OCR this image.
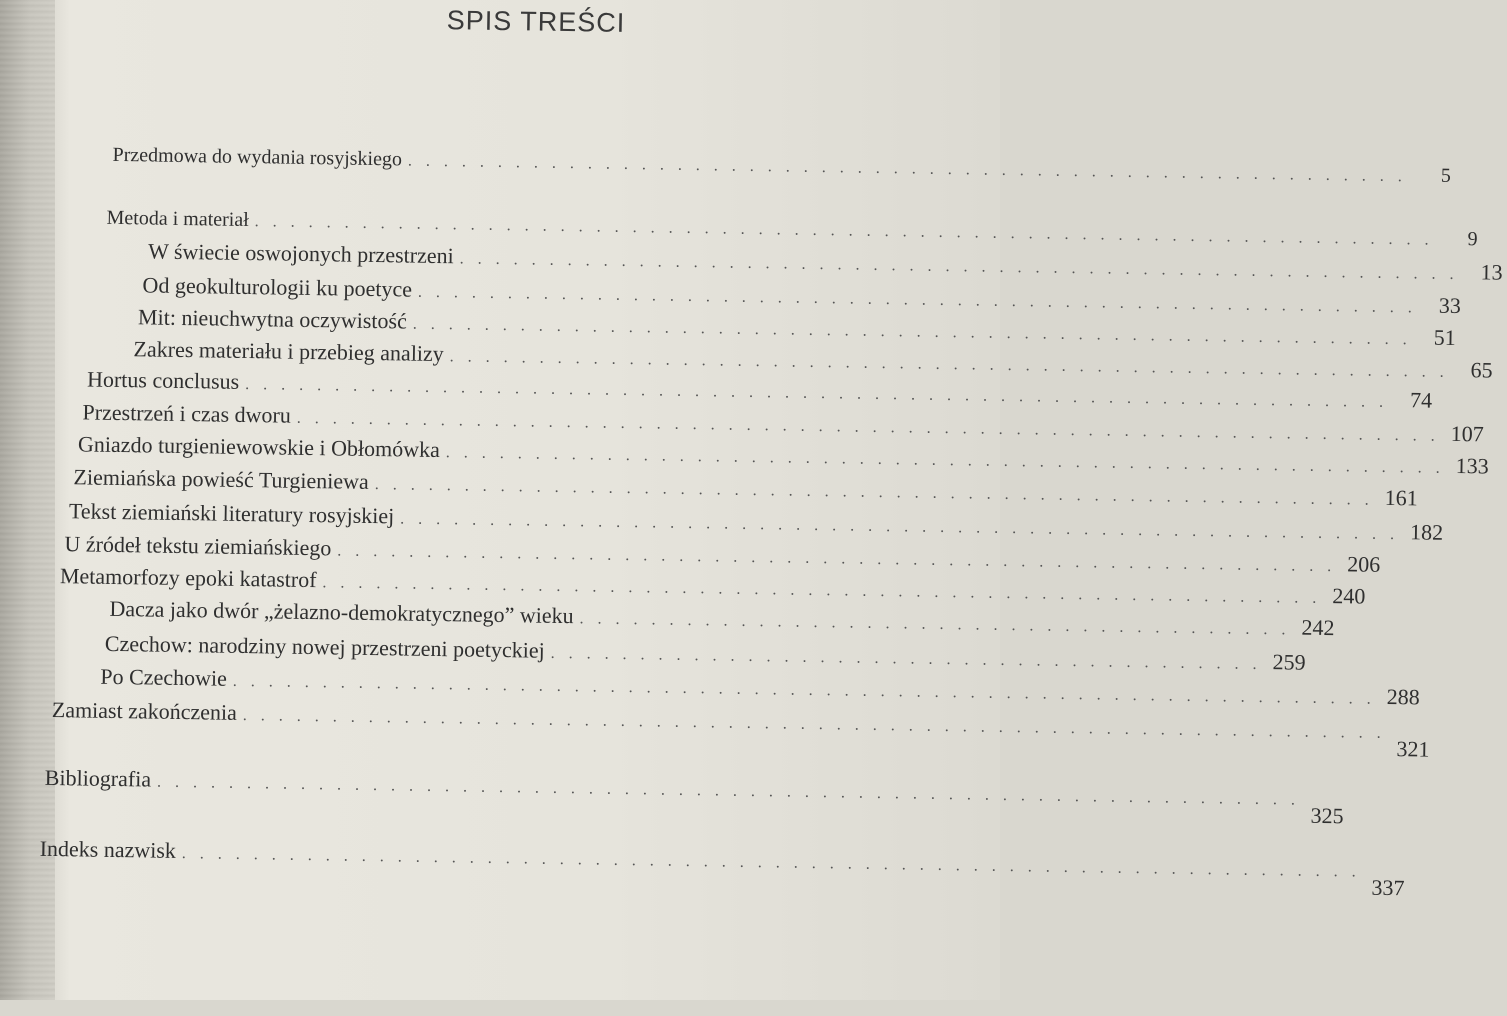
SPIS TREŚCI
Przedmowa do wydania rosyjskiego . . . . . . . . . . . . . . . . . . . . . . . . . . . . . . . . . . . . . . . . . . . . . . . . . . . . . . . .	5
Metoda i materiał . . . . . . . . . . . . . . . . . . . . . . . . . . . . . . . . . . . . . . . . . . . . . . . . . . . . . . . . . . . . . . . . . .	9
W świecie oswojonych przestrzeni . . . . . . . . . . . . . . . . . . . . . . . . . . . . . . . . . . . . . . . . . . . . . . . . . . . . . . . . 13
Od geokulturologii ku poetyce . . . . . . . . . . . . . . . . . . . . . . . . . . . . . . . . . . . . . . . . . . . . . . . . . . . . . . . . 33
Mit: nieuchwytna oczywistość . . . . . . . . . . . . . . . . . . . . . . . . . . . . . . . . . . . . . . . . . . . . . . . . . . . . . . . . 51
Zakres materiału i przebieg analizy . . . . . . . . . . . . . . . . . . . . . . . . . . . . . . . . . . . . . . . . . . . . . . . . . . . . . . . . 65
Hortus conclusus . . . . . . . . . . . . . . . . . . . . . . . . . . . . . . . . . . . . . . . . . . . . . . . . . . . . . . . . . . . . . . . . 74
Przestrzeń i czas dworu . . . . . . . . . . . . . . . . . . . . . . . . . . . . . . . . . . . . . . . . . . . . . . . . . . . . . . . . . . . . . . . . 107
Gniazdo turgieniewowskie i Obłomówka . . . . . . . . . . . . . . . . . . . . . . . . . . . . . . . . . . . . . . . . . . . . . . . . . . . . . . . . 133
Ziemiańska powieść Turgieniewa . . . . . . . . . . . . . . . . . . . . . . . . . . . . . . . . . . . . . . . . . . . . . . . . . . . . . . . . 161
Tekst ziemiański literatury rosyjskiej . . . . . . . . . . . . . . . . . . . . . . . . . . . . . . . . . . . . . . . . . . . . . . . . . . . . . . . . 182
U źródeł tekstu ziemiańskiego . . . . . . . . . . . . . . . . . . . . . . . . . . . . . . . . . . . . . . . . . . . . . . . . . . . . . . . . 206
Metamorfozy epoki katastrof . . . . . . . . . . . . . . . . . . . . . . . . . . . . . . . . . . . . . . . . . . . . . . . . . . . . . . . . 240
Dacza jako dwór „żelazno-demokratycznego” wieku . . . . . . . . . . . . . . . . . . . . . . . . . . . . . . . . . . . . . . . . 242
Czechow: narodziny nowej przestrzeni poetyckiej . . . . . . . . . . . . . . . . . . . . . . . . . . . . . . . . . . . . . . . . 259
Po Czechowie . . . . . . . . . . . . . . . . . . . . . . . . . . . . . . . . . . . . . . . . . . . . . . . . . . . . . . . . . . . . . . . . 288
Zamiast zakończenia . . . . . . . . . . . . . . . . . . . . . . . . . . . . . . . . . . . . . . . . . . . . . . . . . . . . . . . . . . . . . . . .
321
Bibliografia . . . . . . . . . . . . . . . . . . . . . . . . . . . . . . . . . . . . . . . . . . . . . . . . . . . . . . . . . . . . . . . .
325
Indeks nazwisk . . . . . . . . . . . . . . . . . . . . . . . . . . . . . . . . . . . . . . . . . . . . . . . . . . . . . . . . . . . . . . . . . .
337
